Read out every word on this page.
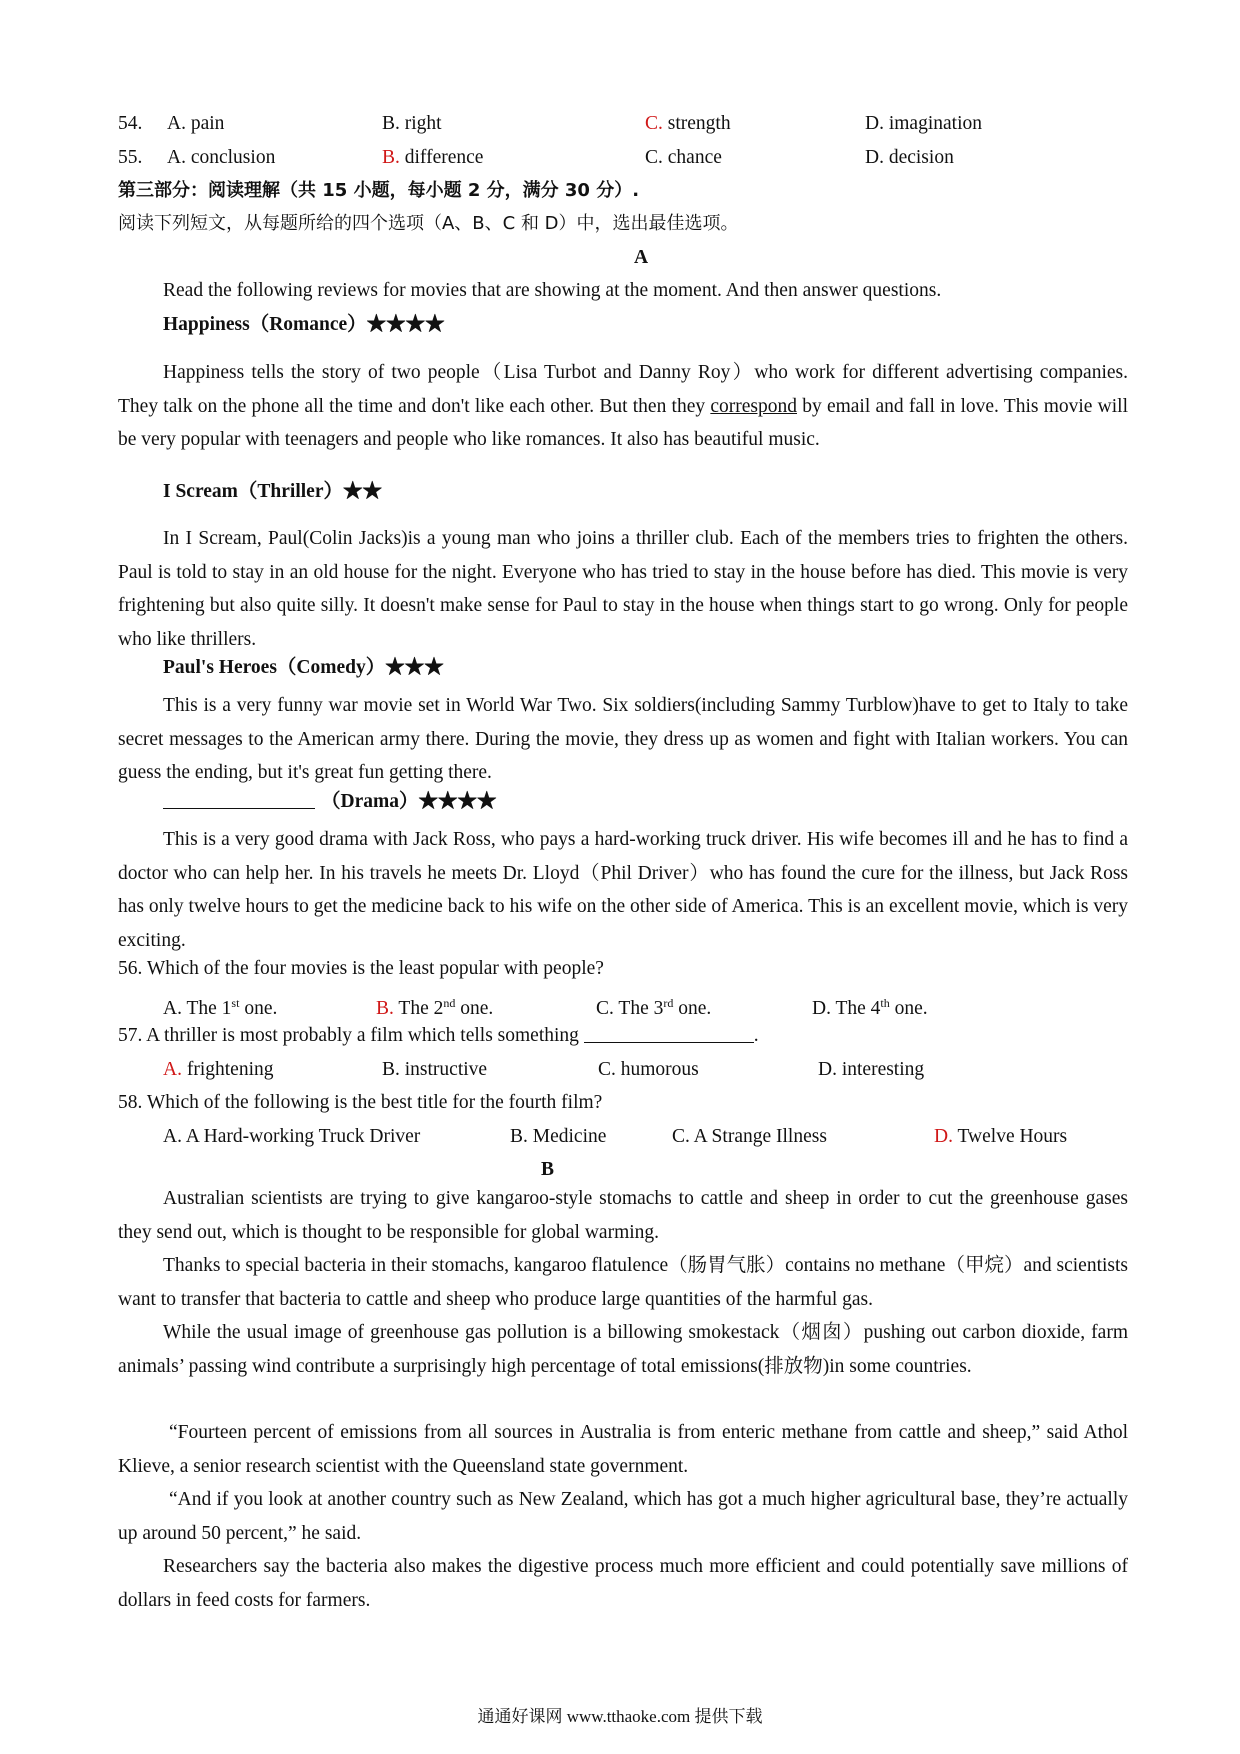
54. A. pain	B. right	C. strength	D. imagination
55. A. conclusion	B. difference	C. chance	D. decision
第三部分：阅读理解（共 15 小题，每小题 2 分，满分 30 分）.
阅读下列短文，从每题所给的四个选项（A、B、C 和 D）中，选出最佳选项。
A
Read the following reviews for movies that are showing at the moment. And then answer questions.
Happiness（Romance）★★★★
Happiness tells the story of two people（Lisa Turbot and Danny Roy）who work for different advertising companies. They talk on the phone all the time and don't like each other. But then they correspond by email and fall in love. This movie will be very popular with teenagers and people who like romances. It also has beautiful music.
I Scream（Thriller）★★
In I Scream, Paul(Colin Jacks)is a young man who joins a thriller club. Each of the members tries to frighten the others. Paul is told to stay in an old house for the night. Everyone who has tried to stay in the house before has died. This movie is very frightening but also quite silly. It doesn't make sense for Paul to stay in the house when things start to go wrong. Only for people who like thrillers.
Paul's Heroes（Comedy）★★★
This is a very funny war movie set in World War Two. Six soldiers(including Sammy Turblow)have to get to Italy to take secret messages to the American army there. During the movie, they dress up as women and fight with Italian workers. You can guess the ending, but it's great fun getting there.
（Drama）★★★★
This is a very good drama with Jack Ross, who pays a hard-working truck driver. His wife becomes ill and he has to find a doctor who can help her. In his travels he meets Dr. Lloyd（Phil Driver）who has found the cure for the illness, but Jack Ross has only twelve hours to get the medicine back to his wife on the other side of America. This is an excellent movie, which is very exciting.
56. Which of the four movies is the least popular with people?
A. The 1st one.	B. The 2nd one.	C. The 3rd one.	D. The 4th one.
57. A thriller is most probably a film which tells something	.
A. frightening	B. instructive	C. humorous	D. interesting
58. Which of the following is the best title for the fourth film?
A. A Hard-working Truck Driver	B. Medicine	C. A Strange Illness	D. Twelve Hours
B
Australian scientists are trying to give kangaroo-style stomachs to cattle and sheep in order to cut the greenhouse gases they send out, which is thought to be responsible for global warming.
Thanks to special bacteria in their stomachs, kangaroo flatulence（肠胃气胀）contains no methane（甲烷）and scientists want to transfer that bacteria to cattle and sheep who produce large quantities of the harmful gas.
While the usual image of greenhouse gas pollution is a billowing smokestack（烟囱）pushing out carbon dioxide, farm animals’ passing wind contribute a surprisingly high percentage of total emissions(排放物)in some countries.
“Fourteen percent of emissions from all sources in Australia is from enteric methane from cattle and sheep,” said Athol Klieve, a senior research scientist with the Queensland state government.
“And if you look at another country such as New Zealand, which has got a much higher agricultural base, they’re actually up around 50 percent,” he said.
Researchers say the bacteria also makes the digestive process much more efficient and could potentially save millions of dollars in feed costs for farmers.
通通好课网 www.tthaoke.com 提供下载
